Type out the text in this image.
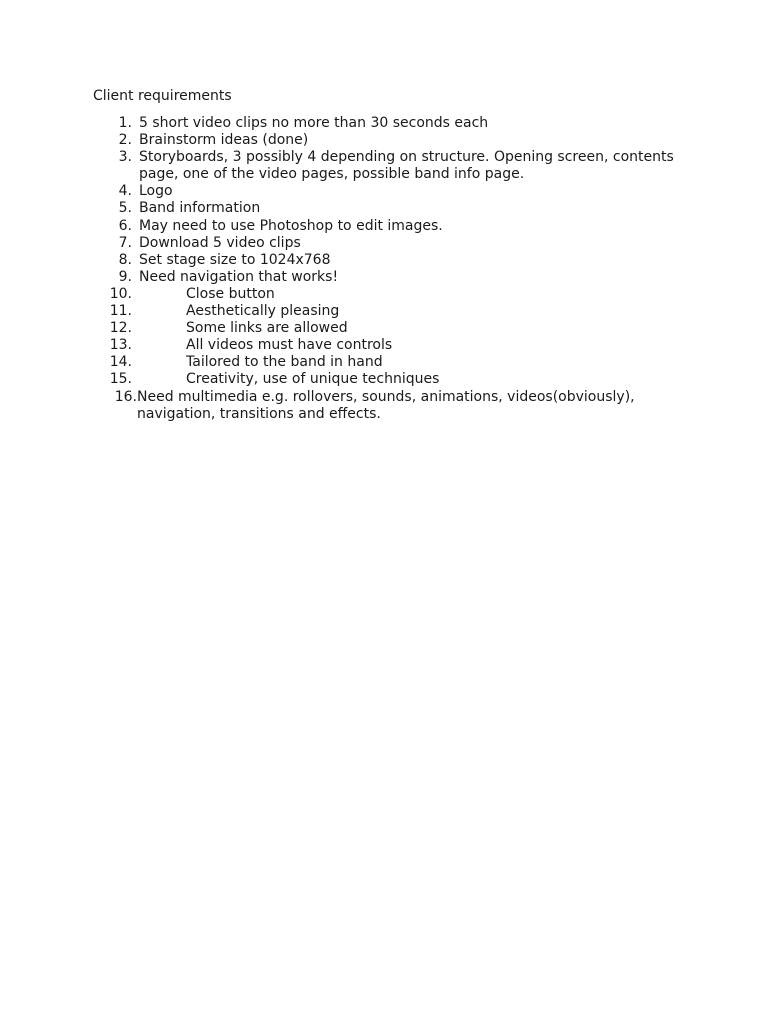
Client requirements
1. 5 short video clips no more than 30 seconds each
2. Brainstorm ideas (done)
3. Storyboards, 3 possibly 4 depending on structure. Opening screen, contents page, one of the video pages, possible band info page.
4. Logo
5. Band information
6. May need to use Photoshop to edit images.
7. Download 5 video clips
8. Set stage size to 1024x768
9. Need navigation that works!
10.	Close button
11.	Aesthetically pleasing
12.	Some links are allowed
13.	All videos must have controls
14.	Tailored to the band in hand
15.	Creativity, use of unique techniques
16. Need multimedia e.g. rollovers, sounds, animations, videos(obviously), navigation, transitions and effects.
